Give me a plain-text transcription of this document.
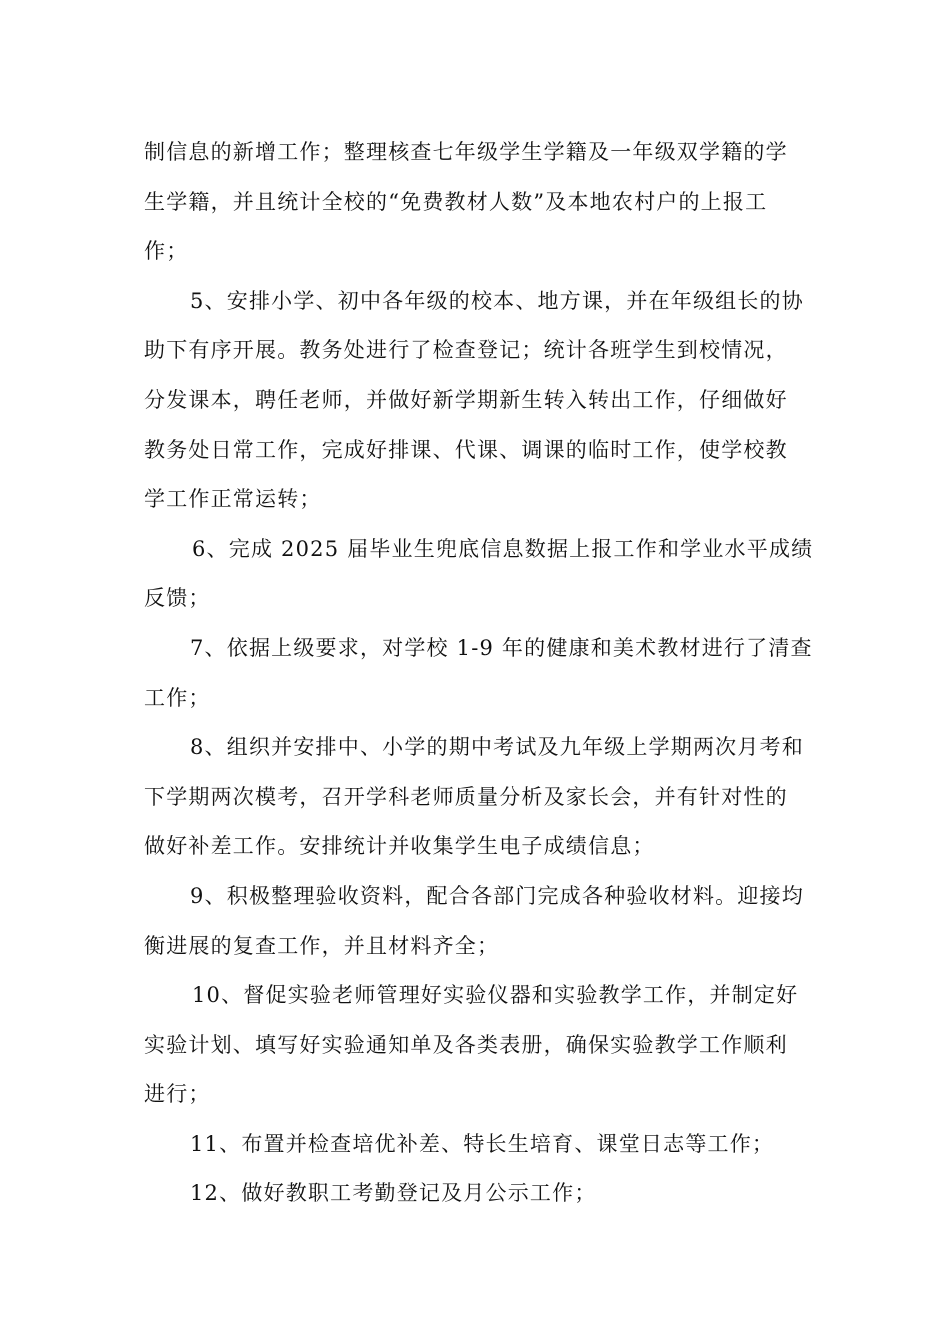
制信息的新增工作；整理核查七年级学生学籍及一年级双学籍的学
生学籍，并且统计全校的“免费教材人数”及本地农村户的上报工
作；
5、安排小学、初中各年级的校本、地方课，并在年级组长的协
助下有序开展。教务处进行了检查登记；统计各班学生到校情况，
分发课本，聘任老师，并做好新学期新生转入转出工作，仔细做好
教务处日常工作，完成好排课、代课、调课的临时工作，使学校教
学工作正常运转；
6、完成 2025 届毕业生兜底信息数据上报工作和学业水平成绩
反馈；
7、依据上级要求，对学校 1-9 年的健康和美术教材进行了清查
工作；
8、组织并安排中、小学的期中考试及九年级上学期两次月考和
下学期两次模考，召开学科老师质量分析及家长会，并有针对性的
做好补差工作。安排统计并收集学生电子成绩信息；
9、积极整理验收资料，配合各部门完成各种验收材料。迎接均
衡进展的复查工作，并且材料齐全；
10、督促实验老师管理好实验仪器和实验教学工作，并制定好
实验计划、填写好实验通知单及各类表册，确保实验教学工作顺利
进行；
11、布置并检查培优补差、特长生培育、课堂日志等工作；
12、做好教职工考勤登记及月公示工作；
